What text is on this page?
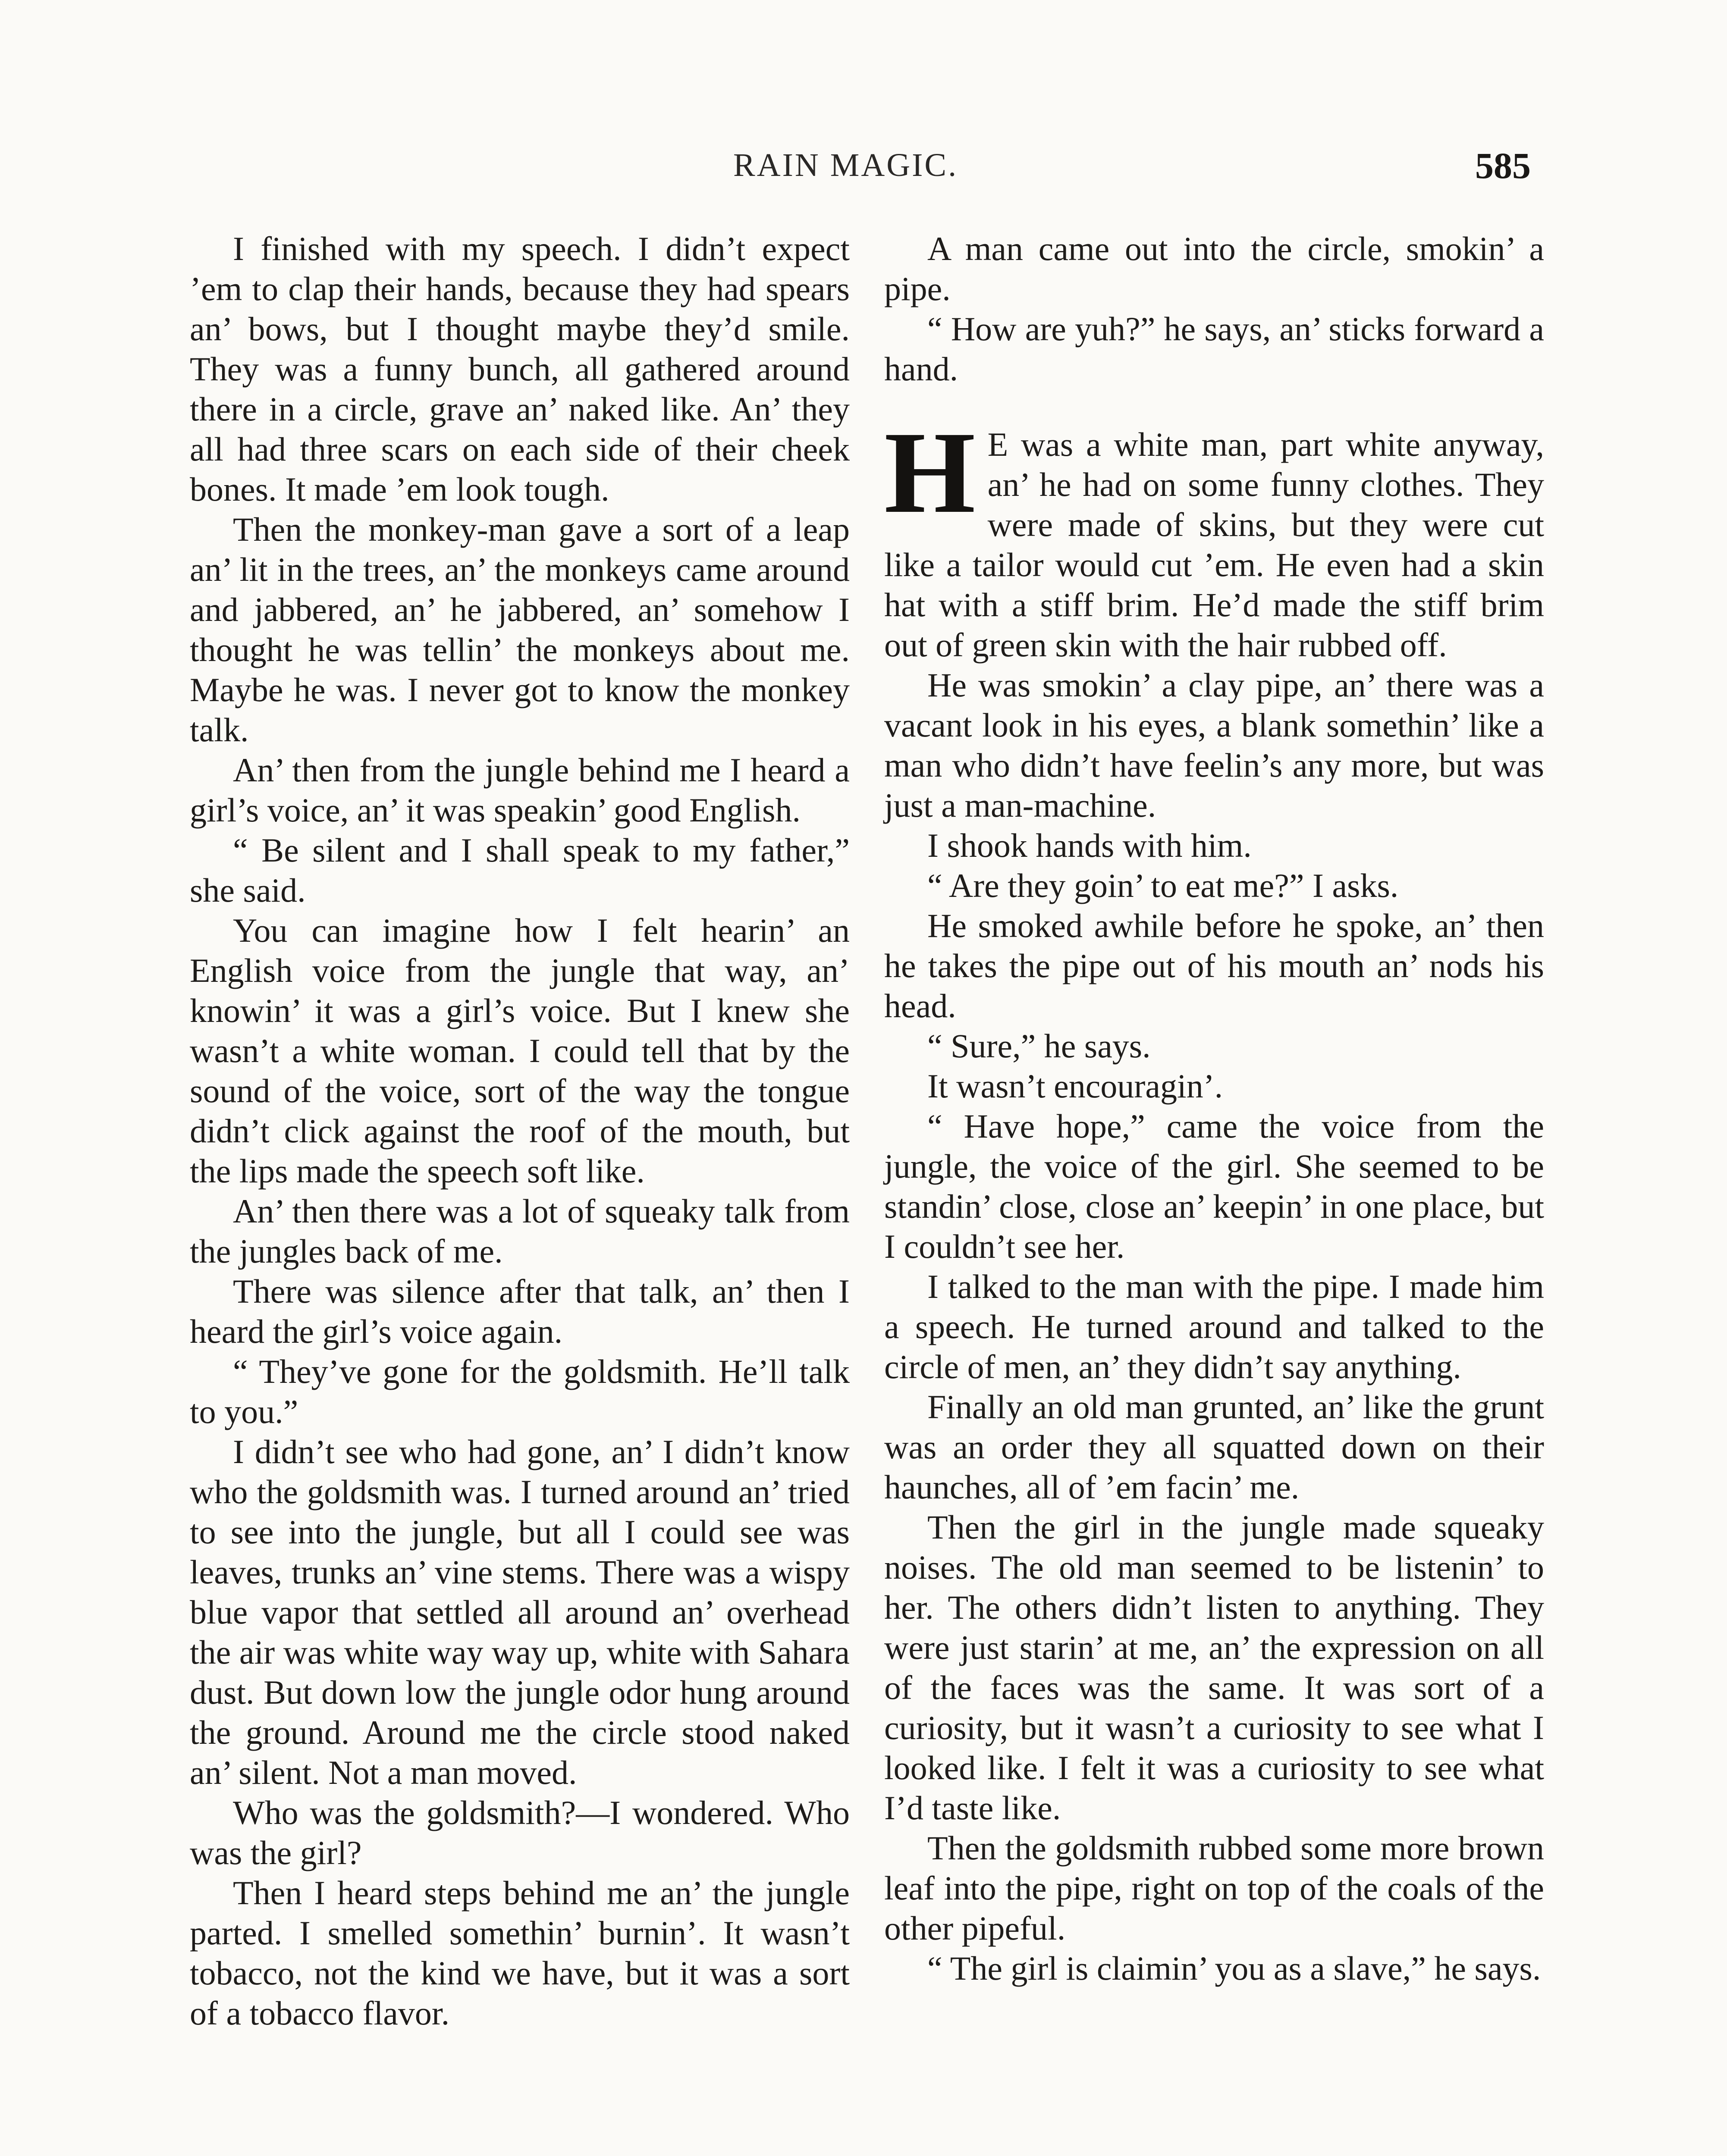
RAIN MAGIC.	585

I finished with my speech. I didn’t expect ’em to clap their hands, because they had spears an’ bows, but I thought maybe they’d smile. They was a funny bunch, all gathered around there in a circle, grave an’ naked like. An’ they all had three scars on each side of their cheek bones. It made ’em look tough.

Then the monkey-man gave a sort of a leap an’ lit in the trees, an’ the monkeys came around and jabbered, an’ he jabbered, an’ somehow I thought he was tellin’ the monkeys about me. Maybe he was. I never got to know the monkey talk.

An’ then from the jungle behind me I heard a girl’s voice, an’ it was speakin’ good English.

“ Be silent and I shall speak to my father,” she said.

You can imagine how I felt hearin’ an English voice from the jungle that way, an’ knowin’ it was a girl’s voice. But I knew she wasn’t a white woman. I could tell that by the sound of the voice, sort of the way the tongue didn’t click against the roof of the mouth, but the lips made the speech soft like.

An’ then there was a lot of squeaky talk from the jungles back of me.

There was silence after that talk, an’ then I heard the girl’s voice again.

“ They’ve gone for the goldsmith. He’ll talk to you.”

I didn’t see who had gone, an’ I didn’t know who the goldsmith was. I turned around an’ tried to see into the jungle, but all I could see was leaves, trunks an’ vine stems. There was a wispy blue vapor that settled all around an’ overhead the air was white way way up, white with Sahara dust. But down low the jungle odor hung around the ground. Around me the circle stood naked an’ silent. Not a man moved.

Who was the goldsmith?—I wondered. Who was the girl?

Then I heard steps behind me an’ the jungle parted. I smelled somethin’ burnin’. It wasn’t tobacco, not the kind we have, but it was a sort of a tobacco flavor.

A man came out into the circle, smokin’ a pipe.

“ How are yuh?” he says, an’ sticks forward a hand.

H E was a white man, part white anyway, an’ he had on some funny clothes. They were made of skins, but they were cut like a tailor would cut ’em. He even had a skin hat with a stiff brim. He’d made the stiff brim out of green skin with the hair rubbed off.

He was smokin’ a clay pipe, an’ there was a vacant look in his eyes, a blank somethin’ like a man who didn’t have feelin’s any more, but was just a man-machine.

I shook hands with him.

“ Are they goin’ to eat me?” I asks.

He smoked awhile before he spoke, an’ then he takes the pipe out of his mouth an’ nods his head.

“ Sure,” he says.

It wasn’t encouragin’.

“ Have hope,” came the voice from the jungle, the voice of the girl. She seemed to be standin’ close, close an’ keepin’ in one place, but I couldn’t see her.

I talked to the man with the pipe. I made him a speech. He turned around and talked to the circle of men, an’ they didn’t say anything.

Finally an old man grunted, an’ like the grunt was an order they all squatted down on their haunches, all of ’em facin’ me.

Then the girl in the jungle made squeaky noises. The old man seemed to be listenin’ to her. The others didn’t listen to anything. They were just starin’ at me, an’ the expression on all of the faces was the same. It was sort of a curiosity, but it wasn’t a curiosity to see what I looked like. I felt it was a curiosity to see what I’d taste like.

Then the goldsmith rubbed some more brown leaf into the pipe, right on top of the coals of the other pipeful.

“ The girl is claimin’ you as a slave,” he says.
